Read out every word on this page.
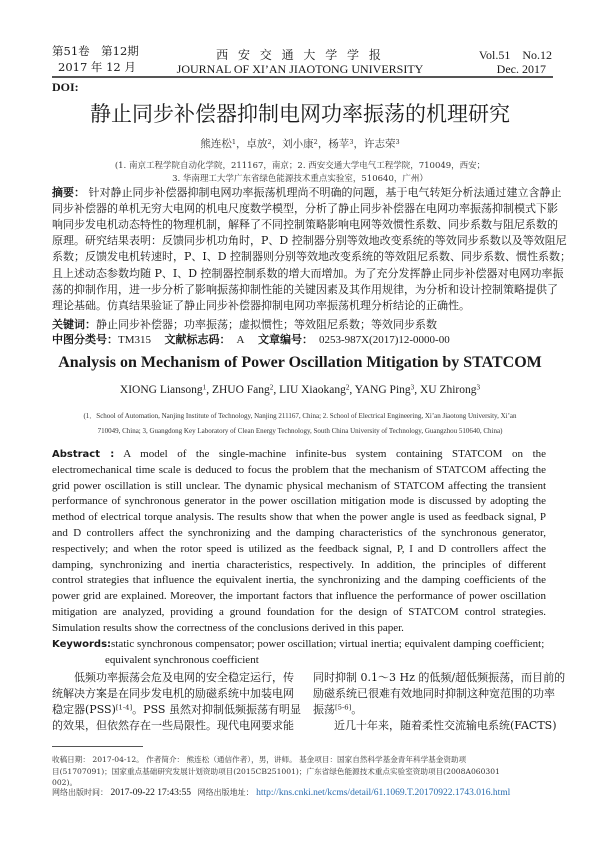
第51卷　第12期
2017 年 12 月
西 安 交 通 大 学 学 报
JOURNAL OF XI’AN JIAOTONG UNIVERSITY
Vol.51　No.12
Dec. 2017
DOI:
静止同步补偿器抑制电网功率振荡的机理研究
熊连松$^1$，卓放$^2$，刘小康$^2$，杨苹$^3$，许志荣$^3$
(1. 南京工程学院自动化学院，211167，南京；2. 西安交通大学电气工程学院，710049，西安；
3. 华南理工大学广东省绿色能源技术重点实验室，510640，广州）
摘要： 针对静止同步补偿器抑制电网功率振荡机理尚不明确的问题，基于电气转矩分析法通过建立含静止
同步补偿器的单机无穷大电网的机电尺度数学模型，分析了静止同步补偿器在电网功率振荡抑制模式下影
响同步发电机动态特性的物理机制，解释了不同控制策略影响电网等效惯性系数、同步系数与阻尼系数的
原理。研究结果表明：反馈同步机功角时，P、D 控制器分别等效地改变系统的等效同步系数以及等效阻尼
系数；反馈发电机转速时，P、I、D 控制器则分别等效地改变系统的等效阻尼系数、同步系数、惯性系数；
且上述动态参数均随 P、I、D 控制器控制系数的增大而增加。为了充分发挥静止同步补偿器对电网功率振
荡的抑制作用，进一步分析了影响振荡抑制性能的关键因素及其作用规律，为分析和设计控制策略提供了
理论基础。仿真结果验证了静止同步补偿器抑制电网功率振荡机理分析结论的正确性。
关键词：静止同步补偿器；功率振荡；虚拟惯性；等效阻尼系数；等效同步系数
中图分类号：TM315 文献标志码： A 文章编号： 0253-987X(2017)12-0000-00
Analysis on Mechanism of Power Oscillation Mitigation by STATCOM
XIONG Liansong$^1$, ZHUO Fang$^2$, LIU Xiaokang$^2$, YANG Ping$^3$, XU Zhirong$^3$
(1．School of Automation, Nanjing Institute of Technology, Nanjing 211167, China; 2. School of Electrical Engineering, Xi’an Jiaotong University, Xi’an
710049, China; 3, Guangdong Key Laboratory of Clean Energy Technology, South China University of Technology, Guangzhou 510640, China)
Abstract : A model of the single-machine infinite-bus system containing STATCOM on the
electromechanical time scale is deduced to focus the problem that the mechanism of STATCOM affecting the
grid power oscillation is still unclear. The dynamic physical mechanism of STATCOM affecting the transient
performance of synchronous generator in the power oscillation mitigation mode is discussed by adopting the
method of electrical torque analysis. The results show that when the power angle is used as feedback signal, P
and D controllers affect the synchronizing and the damping characteristics of the synchronous generator,
respectively; and when the rotor speed is utilized as the feedback signal, P, I and D controllers affect the
damping, synchronizing and inertia characteristics, respectively. In addition, the principles of different
control strategies that influence the equivalent inertia, the synchronizing and the damping coefficients of the
power grid are explained. Moreover, the important factors that influence the performance of power oscillation
mitigation are analyzed, providing a ground foundation for the design of STATCOM control strategies.
Simulation results show the correctness of the conclusions derived in this paper.
Keywords:static synchronous compensator; power oscillation; virtual inertia; equivalent damping coefficient;
equivalent synchronous coefficient
低频功率振荡会危及电网的安全稳定运行，传
统解决方案是在同步发电机的励磁系统中加装电网
稳定器(PSS)[1-4]。PSS 虽然对抑制低频振荡有明显
的效果，但依然存在一些局限性。现代电网要求能
同时抑制 0.1～3 Hz 的低频/超低频振荡，而目前的
励磁系统已很难有效地同时抑制这种宽范围的功率
振荡[5-6]。
近几十年来，随着柔性交流输电系统(FACTS)
收稿日期： 2017-04-12。 作者简介： 熊连松（通信作者），男，讲师。 基金项目：国家自然科学基金青年科学基金资助项
目(51707091)；国家重点基础研究发展计划资助项目(2015CB251001)；广东省绿色能源技术重点实验室资助项目(2008A060301
002)。
网络出版时间： 2017-09-22 17:43:55 网络出版地址： http://kns.cnki.net/kcms/detail/61.1069.T.20170922.1743.016.html
